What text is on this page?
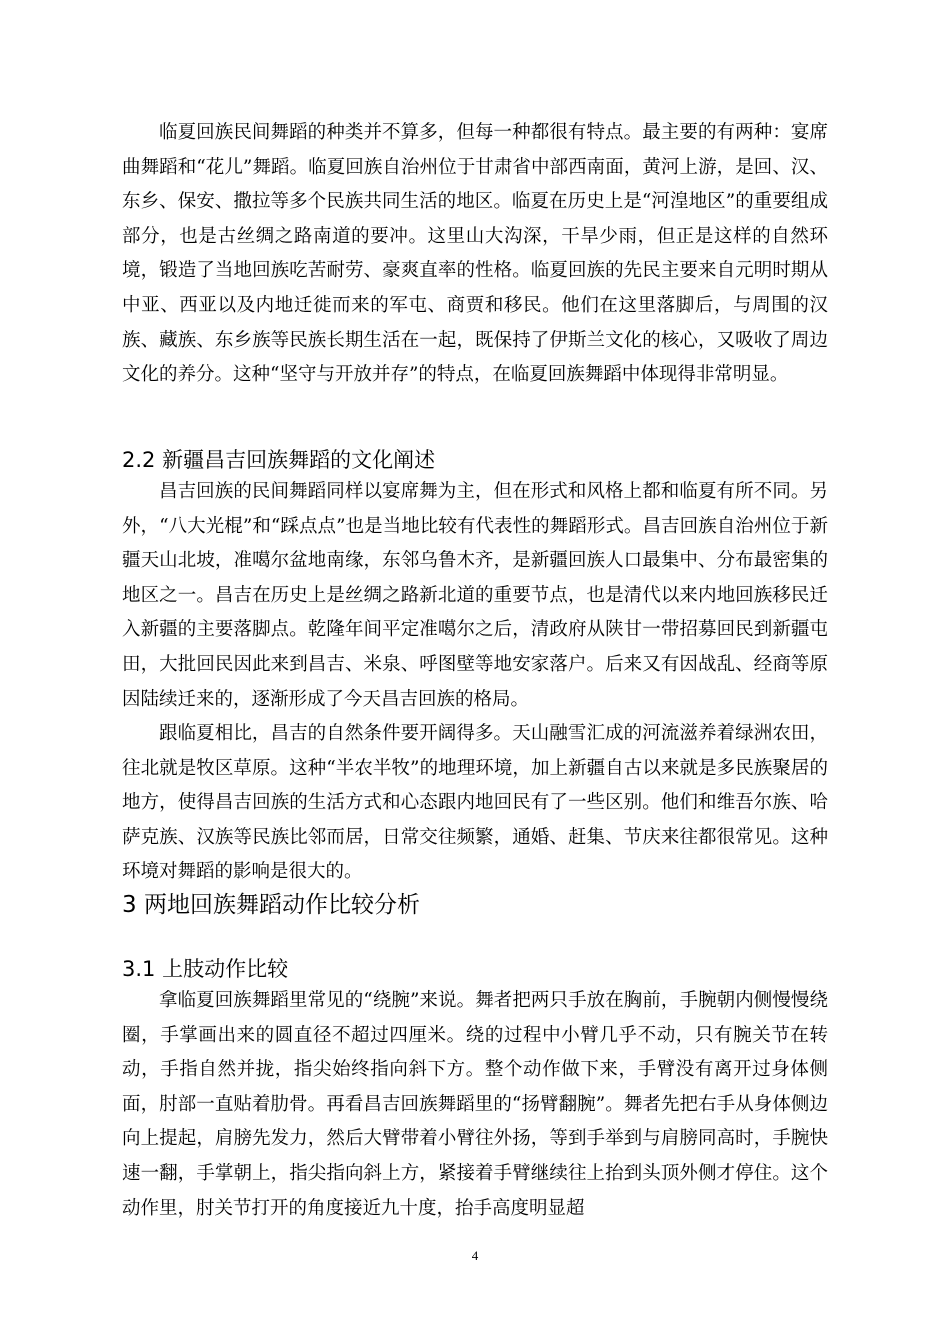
临夏回族民间舞蹈的种类并不算多，但每一种都很有特点。最主要的有两种：宴席曲舞蹈和“花儿”舞蹈。临夏回族自治州位于甘肃省中部西南面，黄河上游，是回、汉、东乡、保安、撒拉等多个民族共同生活的地区。临夏在历史上是“河湟地区”的重要组成部分，也是古丝绸之路南道的要冲。这里山大沟深，干旱少雨，但正是这样的自然环境，锻造了当地回族吃苦耐劳、豪爽直率的性格。临夏回族的先民主要来自元明时期从中亚、西亚以及内地迁徙而来的军屯、商贾和移民。他们在这里落脚后，与周围的汉族、藏族、东乡族等民族长期生活在一起，既保持了伊斯兰文化的核心，又吸收了周边文化的养分。这种“坚守与开放并存”的特点，在临夏回族舞蹈中体现得非常明显。

2.2 新疆昌吉回族舞蹈的文化阐述

昌吉回族的民间舞蹈同样以宴席舞为主，但在形式和风格上都和临夏有所不同。另外，“八大光棍”和“踩点点”也是当地比较有代表性的舞蹈形式。昌吉回族自治州位于新疆天山北坡，准噶尔盆地南缘，东邻乌鲁木齐，是新疆回族人口最集中、分布最密集的地区之一。昌吉在历史上是丝绸之路新北道的重要节点，也是清代以来内地回族移民迁入新疆的主要落脚点。乾隆年间平定准噶尔之后，清政府从陕甘一带招募回民到新疆屯田，大批回民因此来到昌吉、米泉、呼图壁等地安家落户。后来又有因战乱、经商等原因陆续迁来的，逐渐形成了今天昌吉回族的格局。

跟临夏相比，昌吉的自然条件要开阔得多。天山融雪汇成的河流滋养着绿洲农田，往北就是牧区草原。这种“半农半牧”的地理环境，加上新疆自古以来就是多民族聚居的地方，使得昌吉回族的生活方式和心态跟内地回民有了一些区别。他们和维吾尔族、哈萨克族、汉族等民族比邻而居，日常交往频繁，通婚、赶集、节庆来往都很常见。这种环境对舞蹈的影响是很大的。

3 两地回族舞蹈动作比较分析
3.1 上肢动作比较

拿临夏回族舞蹈里常见的“绕腕”来说。舞者把两只手放在胸前，手腕朝内侧慢慢绕圈，手掌画出来的圆直径不超过四厘米。绕的过程中小臂几乎不动，只有腕关节在转动，手指自然并拢，指尖始终指向斜下方。整个动作做下来，手臂没有离开过身体侧面，肘部一直贴着肋骨。再看昌吉回族舞蹈里的“扬臂翻腕”。舞者先把右手从身体侧边向上提起，肩膀先发力，然后大臂带着小臂往外扬，等到手举到与肩膀同高时，手腕快速一翻，手掌朝上，指尖指向斜上方，紧接着手臂继续往上抬到头顶外侧才停住。这个动作里，肘关节打开的角度接近九十度，抬手高度明显超

4
